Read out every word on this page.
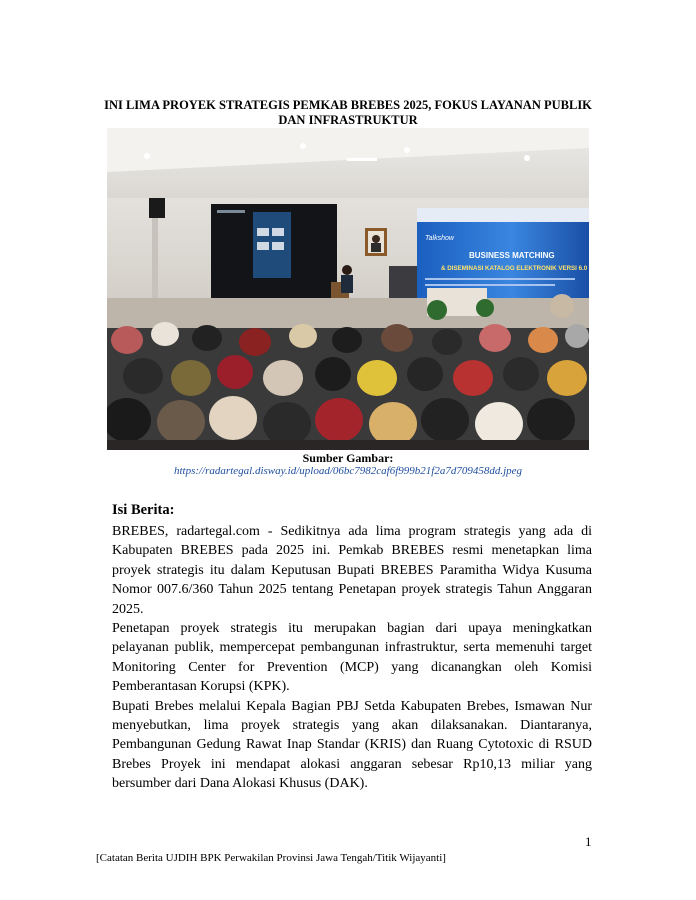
INI LIMA PROYEK STRATEGIS PEMKAB BREBES 2025, FOKUS LAYANAN PUBLIK DAN INFRASTRUKTUR
Talkshow
BUSINESS MATCHING
& DISEMINASI KATALOG ELEKTRONIK VERSI 6.0
Sumber Gambar:
https://radartegal.disway.id/upload/06bc7982caf6f999b21f2a7d709458dd.jpeg
Isi Berita:

BREBES, radartegal.com - Sedikitnya ada lima program strategis yang ada di Kabupaten BREBES pada 2025 ini. Pemkab BREBES resmi menetapkan lima proyek strategis itu dalam Keputusan Bupati BREBES Paramitha Widya Kusuma Nomor 007.6/360 Tahun 2025 tentang Penetapan proyek strategis Tahun Anggaran 2025.

Penetapan proyek strategis itu merupakan bagian dari upaya meningkatkan pelayanan publik, mempercepat pembangunan infrastruktur, serta memenuhi target Monitoring Center for Prevention (MCP) yang dicanangkan oleh Komisi Pemberantasan Korupsi (KPK).

Bupati Brebes melalui Kepala Bagian PBJ Setda Kabupaten Brebes, Ismawan Nur menyebutkan, lima proyek strategis yang akan dilaksanakan. Diantaranya, Pembangunan Gedung Rawat Inap Standar (KRIS) dan Ruang Cytotoxic di RSUD Brebes Proyek ini mendapat alokasi anggaran sebesar Rp10,13 miliar yang bersumber dari Dana Alokasi Khusus (DAK).

1
[Catatan Berita UJDIH BPK Perwakilan Provinsi Jawa Tengah/Titik Wijayanti]
